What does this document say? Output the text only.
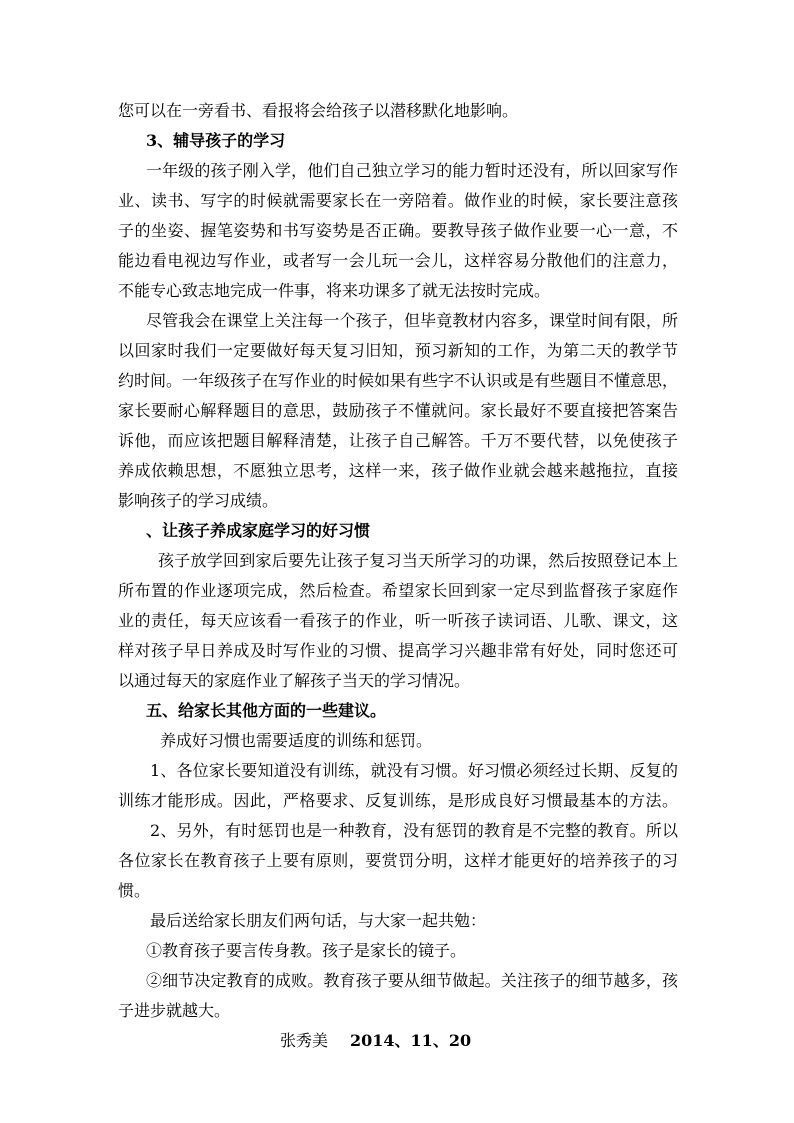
您可以在一旁看书、看报将会给孩子以潜移默化地影响。
3、辅导孩子的学习
一年级的孩子刚入学，他们自己独立学习的能力暂时还没有，所以回家写作
业、读书、写字的时候就需要家长在一旁陪着。做作业的时候，家长要注意孩
子的坐姿、握笔姿势和书写姿势是否正确。要教导孩子做作业要一心一意，不
能边看电视边写作业，或者写一会儿玩一会儿，这样容易分散他们的注意力，
不能专心致志地完成一件事，将来功课多了就无法按时完成。
尽管我会在课堂上关注每一个孩子，但毕竟教材内容多，课堂时间有限，所
以回家时我们一定要做好每天复习旧知，预习新知的工作，为第二天的教学节
约时间。一年级孩子在写作业的时候如果有些字不认识或是有些题目不懂意思，
家长要耐心解释题目的意思，鼓励孩子不懂就问。家长最好不要直接把答案告
诉他，而应该把题目解释清楚，让孩子自己解答。千万不要代替，以免使孩子
养成依赖思想，不愿独立思考，这样一来，孩子做作业就会越来越拖拉，直接
影响孩子的学习成绩。
、让孩子养成家庭学习的好习惯
孩子放学回到家后要先让孩子复习当天所学习的功课，然后按照登记本上
所布置的作业逐项完成，然后检查。希望家长回到家一定尽到监督孩子家庭作
业的责任，每天应该看一看孩子的作业，听一听孩子读词语、儿歌、课文，这
样对孩子早日养成及时写作业的习惯、提高学习兴趣非常有好处，同时您还可
以通过每天的家庭作业了解孩子当天的学习情况。
五、给家长其他方面的一些建议。
养成好习惯也需要适度的训练和惩罚。
1、各位家长要知道没有训练，就没有习惯。好习惯必须经过长期、反复的
训练才能形成。因此，严格要求、反复训练，是形成良好习惯最基本的方法。
2、另外，有时惩罚也是一种教育，没有惩罚的教育是不完整的教育。所以
各位家长在教育孩子上要有原则，要赏罚分明，这样才能更好的培养孩子的习
惯。
最后送给家长朋友们两句话，与大家一起共勉：
①教育孩子要言传身教。孩子是家长的镜子。
②细节决定教育的成败。教育孩子要从细节做起。关注孩子的细节越多，孩
子进步就越大。
张秀美 2014、11、20
